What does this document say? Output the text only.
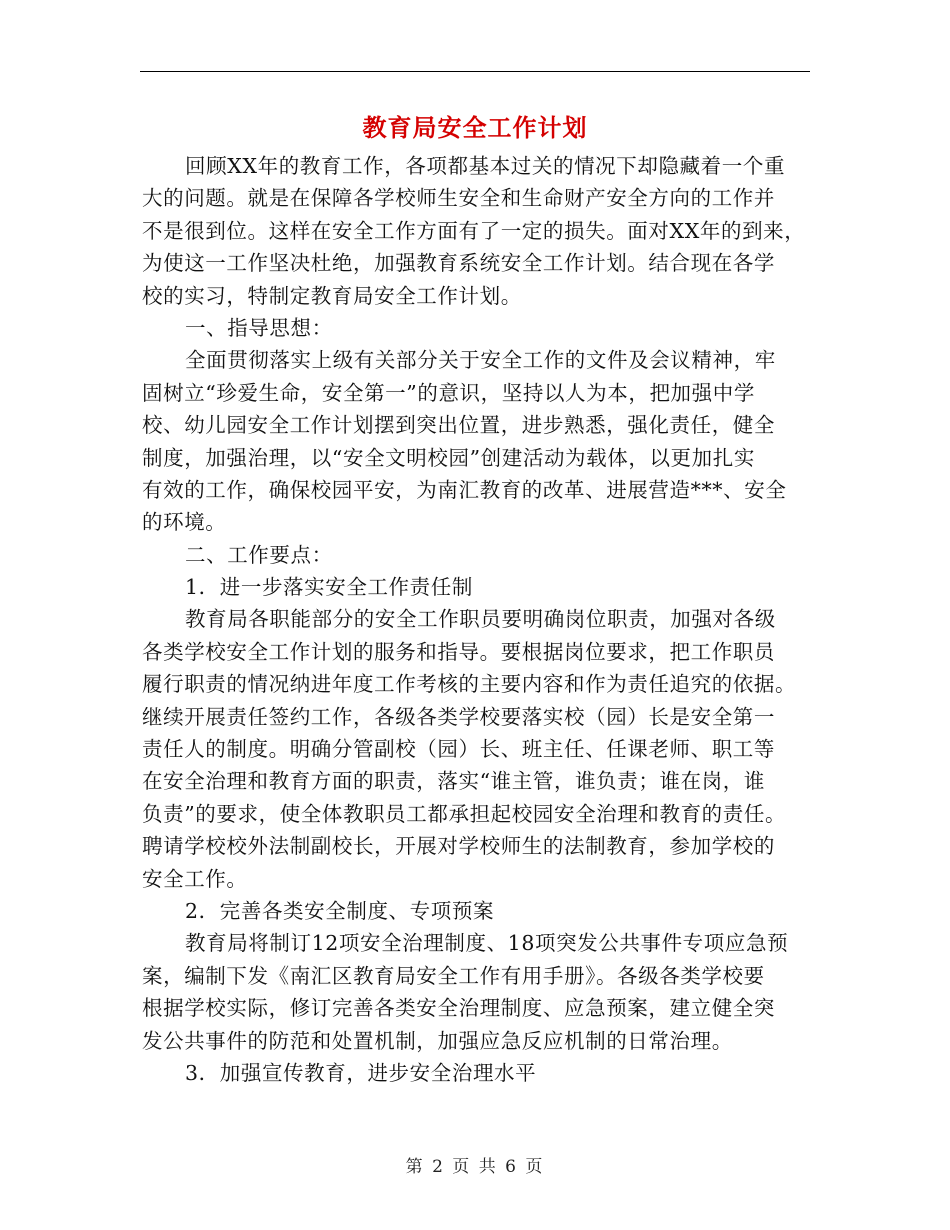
教育局安全工作计划
回顾XX年的教育工作，各项都基本过关的情况下却隐藏着一个重
大的问题。就是在保障各学校师生安全和生命财产安全方向的工作并
不是很到位。这样在安全工作方面有了一定的损失。面对XX年的到来，
为使这一工作坚决杜绝，加强教育系统安全工作计划。结合现在各学
校的实习，特制定教育局安全工作计划。
一、指导思想：
全面贯彻落实上级有关部分关于安全工作的文件及会议精神，牢
固树立“珍爱生命，安全第一”的意识，坚持以人为本，把加强中学
校、幼儿园安全工作计划摆到突出位置，进步熟悉，强化责任，健全
制度，加强治理，以“安全文明校园”创建活动为载体，以更加扎实
有效的工作，确保校园平安，为南汇教育的改革、进展营造***、安全
的环境。
二、工作要点：
1．进一步落实安全工作责任制
教育局各职能部分的安全工作职员要明确岗位职责，加强对各级
各类学校安全工作计划的服务和指导。要根据岗位要求，把工作职员
履行职责的情况纳进年度工作考核的主要内容和作为责任追究的依据。
继续开展责任签约工作，各级各类学校要落实校（园）长是安全第一
责任人的制度。明确分管副校（园）长、班主任、任课老师、职工等
在安全治理和教育方面的职责，落实“谁主管，谁负责；谁在岗，谁
负责”的要求，使全体教职员工都承担起校园安全治理和教育的责任。
聘请学校校外法制副校长，开展对学校师生的法制教育，参加学校的
安全工作。
2．完善各类安全制度、专项预案
教育局将制订12项安全治理制度、18项突发公共事件专项应急预
案，编制下发《南汇区教育局安全工作有用手册》。各级各类学校要
根据学校实际，修订完善各类安全治理制度、应急预案，建立健全突
发公共事件的防范和处置机制，加强应急反应机制的日常治理。
3．加强宣传教育，进步安全治理水平
第 2 页 共 6 页
